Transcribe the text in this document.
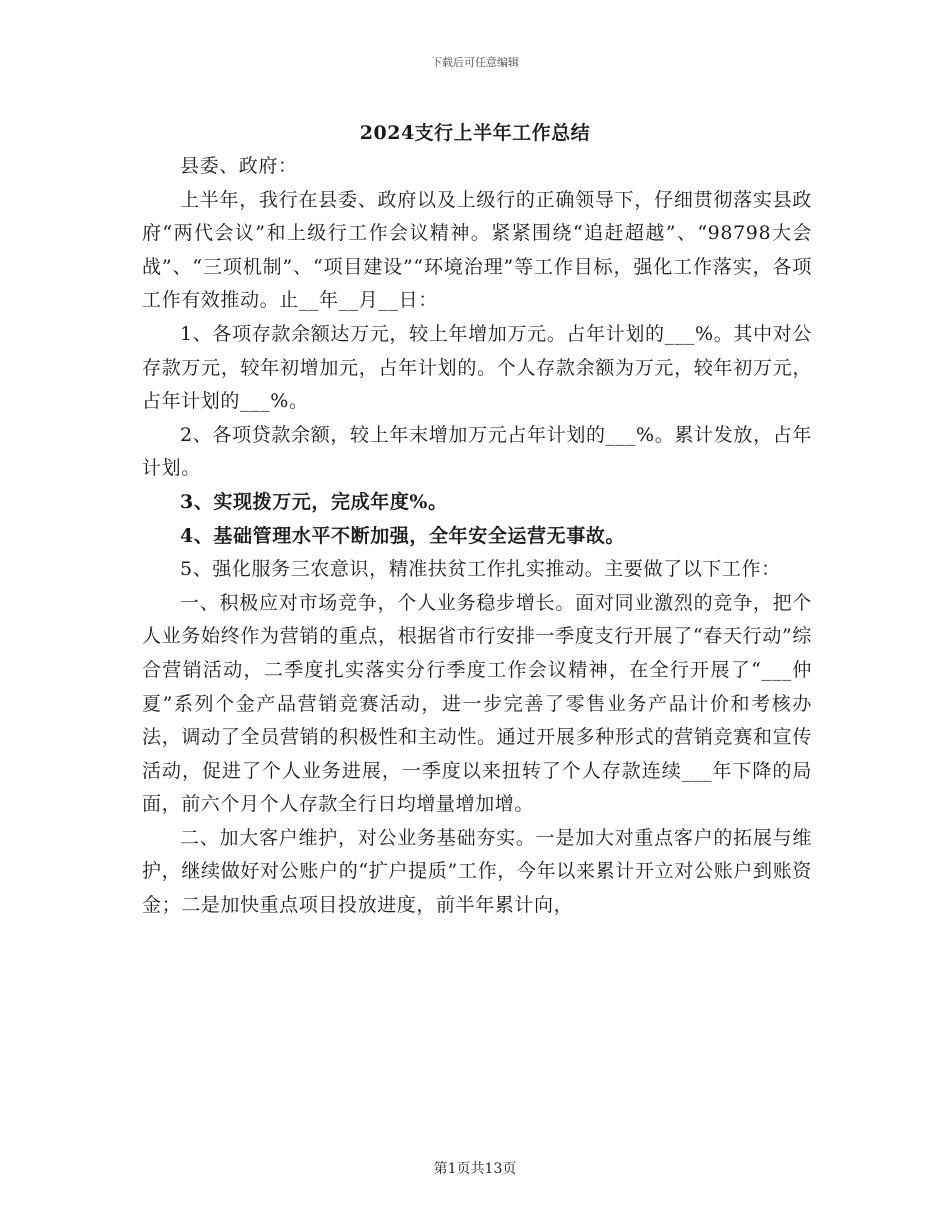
下载后可任意编辑
2024支行上半年工作总结

县委、政府：

上半年，我行在县委、政府以及上级行的正确领导下，仔细贯彻落实县政府“两代会议”和上级行工作会议精神。紧紧围绕“追赶超越”、“98798大会战”、“三项机制”、“项目建设”“环境治理”等工作目标，强化工作落实，各项工作有效推动。止__年__月__日：

1、各项存款余额达万元，较上年增加万元。占年计划的___%。其中对公存款万元，较年初增加元，占年计划的。个人存款余额为万元，较年初万元，占年计划的___%。

2、各项贷款余额，较上年末增加万元占年计划的___%。累计发放，占年计划。

3、实现拨万元，完成年度%。

4、基础管理水平不断加强，全年安全运营无事故。

5、强化服务三农意识，精准扶贫工作扎实推动。主要做了以下工作：

一、积极应对市场竞争，个人业务稳步增长。面对同业激烈的竞争，把个人业务始终作为营销的重点，根据省市行安排一季度支行开展了“春天行动”综合营销活动，二季度扎实落实分行季度工作会议精神，在全行开展了“___仲夏”系列个金产品营销竞赛活动，进一步完善了零售业务产品计价和考核办法，调动了全员营销的积极性和主动性。通过开展多种形式的营销竞赛和宣传活动，促进了个人业务进展，一季度以来扭转了个人存款连续___年下降的局面，前六个月个人存款全行日均增量增加增。

二、加大客户维护，对公业务基础夯实。一是加大对重点客户的拓展与维护，继续做好对公账户的“扩户提质”工作，今年以来累计开立对公账户到账资金；二是加快重点项目投放进度，前半年累计向，

第1页共13页
